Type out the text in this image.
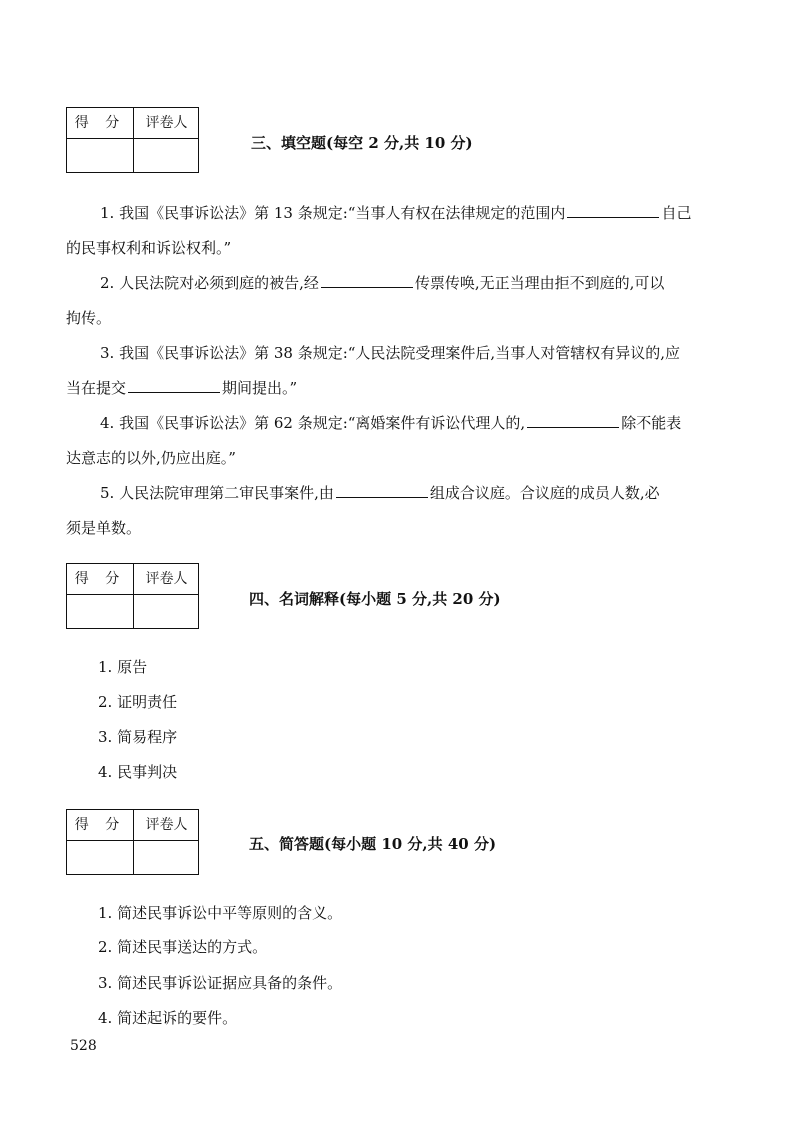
得 分	评卷人
三、填空题(每空 2 分,共 10 分)
1. 我国《民事诉讼法》第 13 条规定:“当事人有权在法律规定的范围内	自己
的民事权利和诉讼权利。”
2. 人民法院对必须到庭的被告,经	传票传唤,无正当理由拒不到庭的,可以
拘传。
3. 我国《民事诉讼法》第 38 条规定:“人民法院受理案件后,当事人对管辖权有异议的,应
当在提交	期间提出。”
4. 我国《民事诉讼法》第 62 条规定:“离婚案件有诉讼代理人的,	除不能表
达意志的以外,仍应出庭。”
5. 人民法院审理第二审民事案件,由	组成合议庭。合议庭的成员人数,必
须是单数。
得 分	评卷人
四、名词解释(每小题 5 分,共 20 分)
1. 原告
2. 证明责任
3. 简易程序
4. 民事判决
得 分	评卷人
五、简答题(每小题 10 分,共 40 分)
1. 简述民事诉讼中平等原则的含义。
2. 简述民事送达的方式。
3. 简述民事诉讼证据应具备的条件。
4. 简述起诉的要件。
528
